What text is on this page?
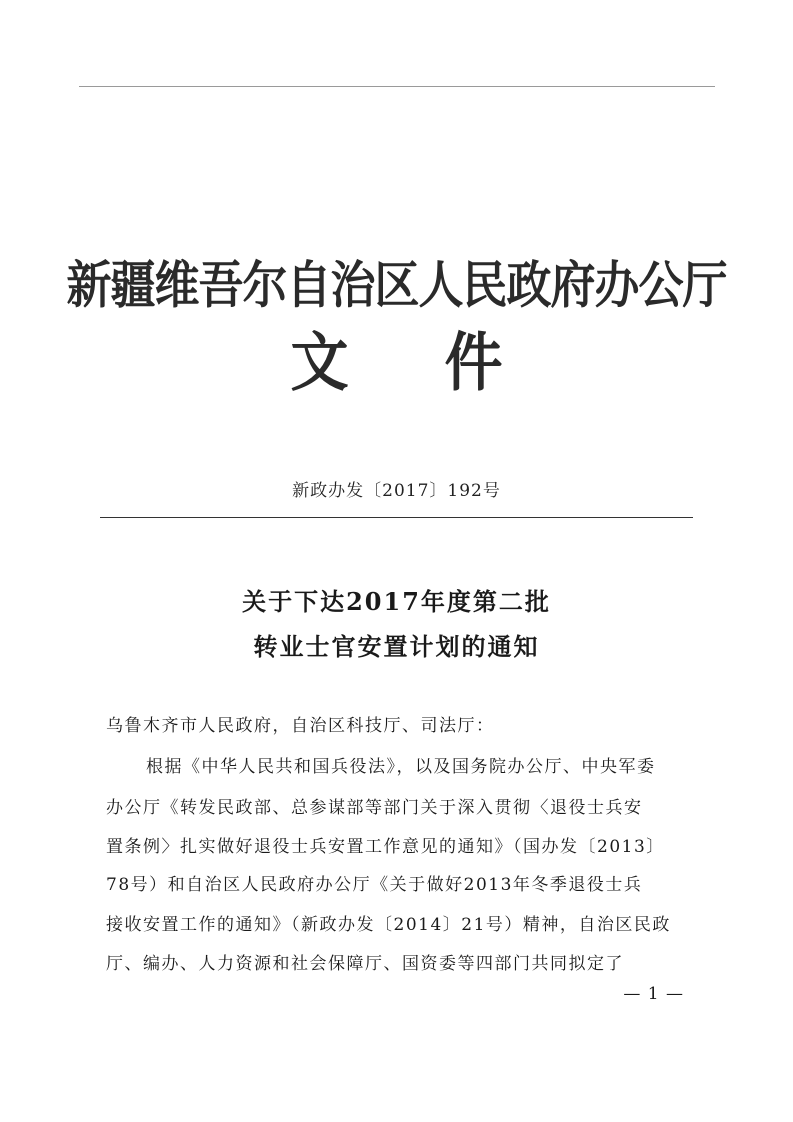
新疆维吾尔自治区人民政府办公厅
文件
新政办发〔2017〕192号
关于下达2017年度第二批
转业士官安置计划的通知
乌鲁木齐市人民政府，自治区科技厅、司法厅：
根据《中华人民共和国兵役法》，以及国务院办公厅、中央军委
办公厅《转发民政部、总参谋部等部门关于深入贯彻〈退役士兵安
置条例〉扎实做好退役士兵安置工作意见的通知》（国办发〔2013〕
78号）和自治区人民政府办公厅《关于做好2013年冬季退役士兵
接收安置工作的通知》（新政办发〔2014〕21号）精神，自治区民政
厅、编办、人力资源和社会保障厅、国资委等四部门共同拟定了
— 1 —
